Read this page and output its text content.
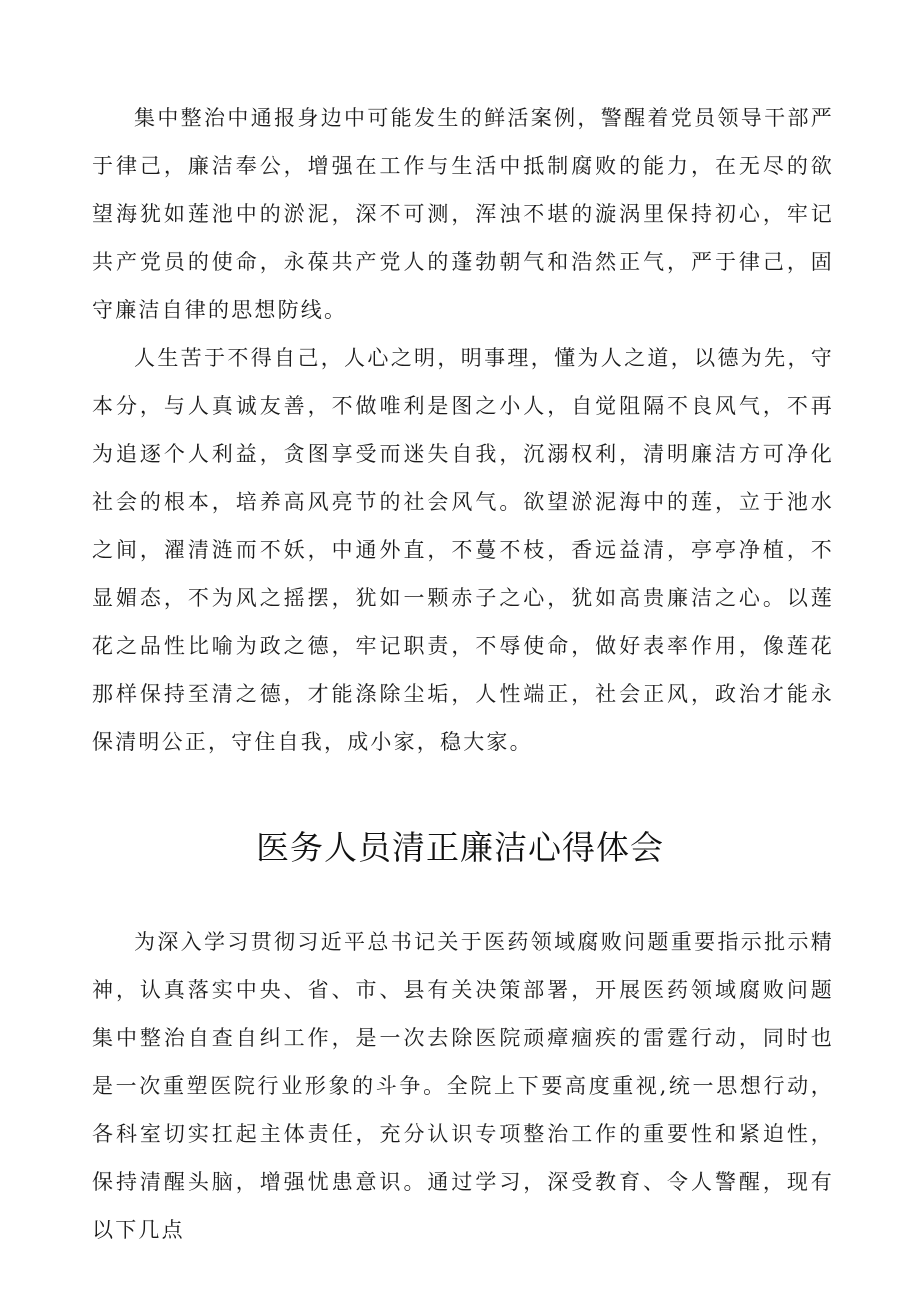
集中整治中通报身边中可能发生的鲜活案例，警醒着党员领导干部严于律己，廉洁奉公，增强在工作与生活中抵制腐败的能力，在无尽的欲望海犹如莲池中的淤泥，深不可测，浑浊不堪的漩涡里保持初心，牢记共产党员的使命，永葆共产党人的蓬勃朝气和浩然正气，严于律己，固守廉洁自律的思想防线。

人生苦于不得自己，人心之明，明事理，懂为人之道，以德为先，守本分，与人真诚友善，不做唯利是图之小人，自觉阻隔不良风气，不再为追逐个人利益，贪图享受而迷失自我，沉溺权利，清明廉洁方可净化社会的根本，培养高风亮节的社会风气。欲望淤泥海中的莲，立于池水之间，濯清涟而不妖，中通外直，不蔓不枝，香远益清，亭亭净植，不显媚态，不为风之摇摆，犹如一颗赤子之心，犹如高贵廉洁之心。以莲花之品性比喻为政之德，牢记职责，不辱使命，做好表率作用，像莲花那样保持至清之德，才能涤除尘垢，人性端正，社会正风，政治才能永保清明公正，守住自我，成小家，稳大家。

医务人员清正廉洁心得体会

为深入学习贯彻习近平总书记关于医药领域腐败问题重要指示批示精神，认真落实中央、省、市、县有关决策部署，开展医药领域腐败问题集中整治自查自纠工作，是一次去除医院顽瘴痼疾的雷霆行动，同时也是一次重塑医院行业形象的斗争。全院上下要高度重视,统一思想行动，各科室切实扛起主体责任，充分认识专项整治工作的重要性和紧迫性，保持清醒头脑，增强忧患意识。通过学习，深受教育、令人警醒，现有以下几点
